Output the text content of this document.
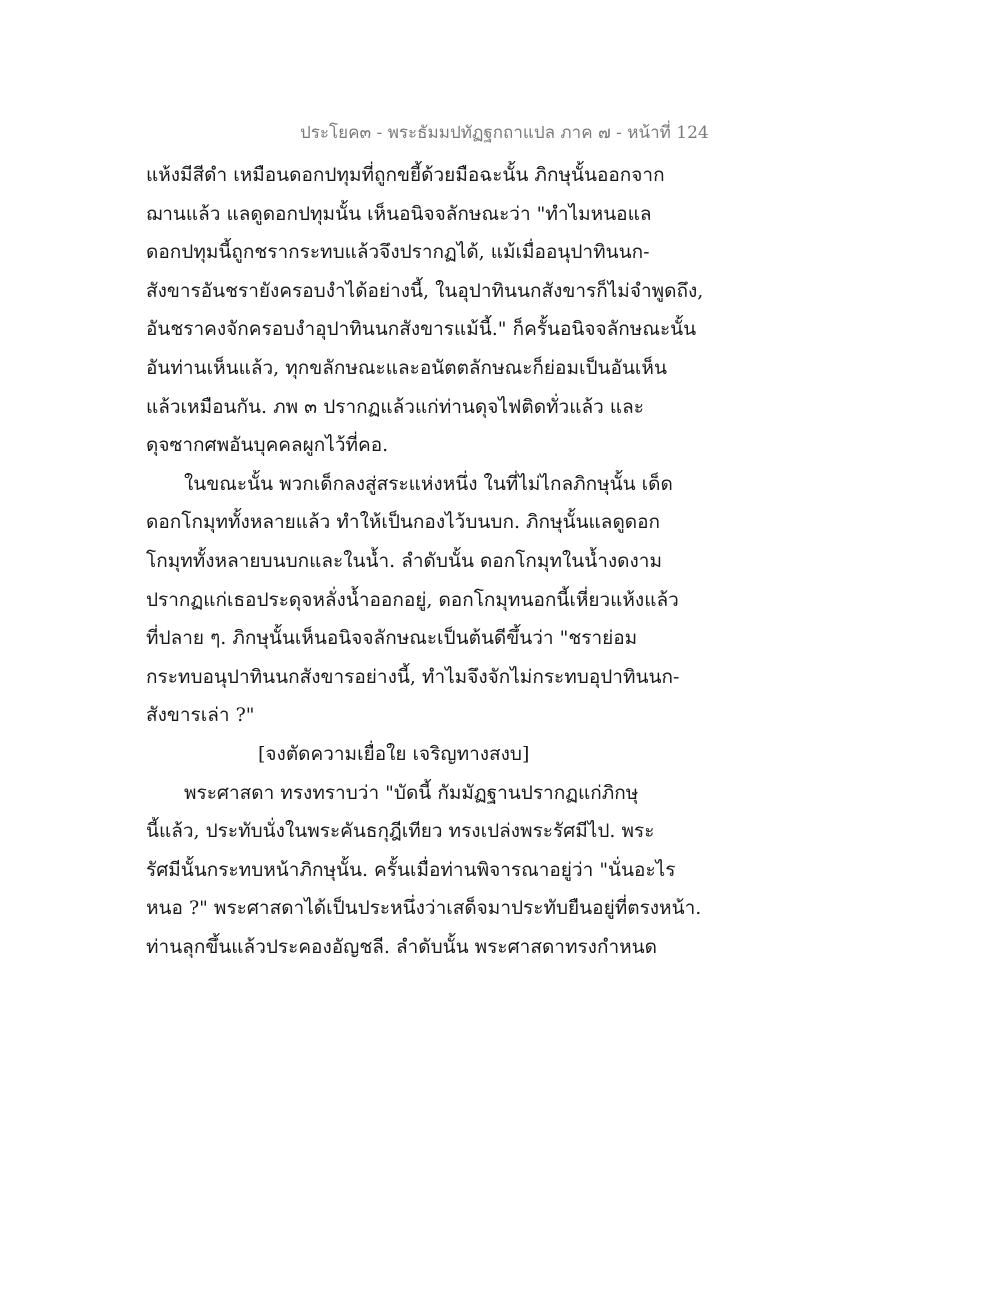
ประโยค๓ - พระธัมมปทัฏฐกถาแปล ภาค ๗ - หน้าที่ 124
แห้งมีสีดำ เหมือนดอกปทุมที่ถูกขยี้ด้วยมือฉะนั้น ภิกษุนั้นออกจาก
ฌานแล้ว แลดูดอกปทุมนั้น เห็นอนิจจลักษณะว่า "ทำไมหนอแล
ดอกปทุมนี้ถูกชรากระทบแล้วจึงปรากฏได้, แม้เมื่ออนุปาทินนก-
สังขารอันชรายังครอบงำได้อย่างนี้, ในอุปาทินนกสังขารก็ไม่จำพูดถึง,
อันชราคงจักครอบงำอุปาทินนกสังขารแม้นี้." ก็ครั้นอนิจจลักษณะนั้น
อันท่านเห็นแล้ว, ทุกขลักษณะและอนัตตลักษณะก็ย่อมเป็นอันเห็น
แล้วเหมือนกัน. ภพ ๓ ปรากฏแล้วแก่ท่านดุจไฟติดทั่วแล้ว และ
ดุจซากศพอันบุคคลผูกไว้ที่คอ.
ในขณะนั้น พวกเด็กลงสู่สระแห่งหนึ่ง ในที่ไม่ไกลภิกษุนั้น เด็ด
ดอกโกมุททั้งหลายแล้ว ทำให้เป็นกองไว้บนบก. ภิกษุนั้นแลดูดอก
โกมุททั้งหลายบนบกและในน้ำ. ลำดับนั้น ดอกโกมุทในน้ำงดงาม
ปรากฏแก่เธอประดุจหลั่งน้ำออกอยู่, ดอกโกมุทนอกนี้เหี่ยวแห้งแล้ว
ที่ปลาย ๆ. ภิกษุนั้นเห็นอนิจจลักษณะเป็นต้นดีขึ้นว่า "ชราย่อม
กระทบอนุปาทินนกสังขารอย่างนี้, ทำไมจึงจักไม่กระทบอุปาทินนก-
สังขารเล่า ?"
[จงตัดความเยื่อใย เจริญทางสงบ]
พระศาสดา ทรงทราบว่า "บัดนี้ กัมมัฏฐานปรากฏแก่ภิกษุ
นี้แล้ว, ประทับนั่งในพระคันธกุฎีเทียว ทรงเปล่งพระรัศมีไป. พระ
รัศมีนั้นกระทบหน้าภิกษุนั้น. ครั้นเมื่อท่านพิจารณาอยู่ว่า "นั่นอะไร
หนอ ?" พระศาสดาได้เป็นประหนึ่งว่าเสด็จมาประทับยืนอยู่ที่ตรงหน้า.
ท่านลุกขึ้นแล้วประคองอัญชลี. ลำดับนั้น พระศาสดาทรงกำหนด
